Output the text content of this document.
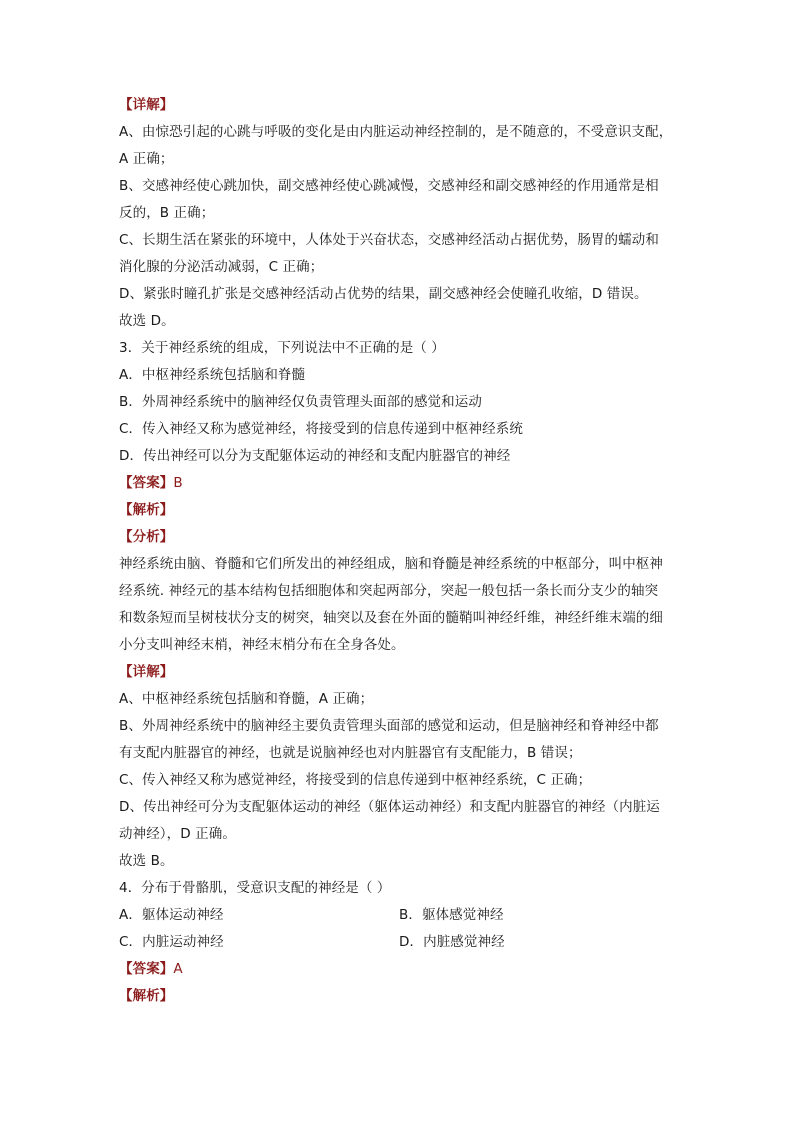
【详解】
A、由惊恐引起的心跳与呼吸的变化是由内脏运动神经控制的，是不随意的，不受意识支配，
A 正确；
B、交感神经使心跳加快，副交感神经使心跳减慢，交感神经和副交感神经的作用通常是相
反的，B 正确；
C、长期生活在紧张的环境中，人体处于兴奋状态，交感神经活动占据优势，肠胃的蠕动和
消化腺的分泌活动减弱，C 正确；
D、紧张时瞳孔扩张是交感神经活动占优势的结果，副交感神经会使瞳孔收缩，D 错误。
故选 D。
3．关于神经系统的组成，下列说法中不正确的是（ ）
A．中枢神经系统包括脑和脊髓
B．外周神经系统中的脑神经仅负责管理头面部的感觉和运动
C．传入神经又称为感觉神经，将接受到的信息传递到中枢神经系统
D．传出神经可以分为支配躯体运动的神经和支配内脏器官的神经
【答案】B
【解析】
【分析】
神经系统由脑、脊髓和它们所发出的神经组成，脑和脊髓是神经系统的中枢部分，叫中枢神
经系统. 神经元的基本结构包括细胞体和突起两部分，突起一般包括一条长而分支少的轴突
和数条短而呈树枝状分支的树突，轴突以及套在外面的髓鞘叫神经纤维，神经纤维末端的细
小分支叫神经末梢，神经末梢分布在全身各处。
【详解】
A、中枢神经系统包括脑和脊髓，A 正确；
B、外周神经系统中的脑神经主要负责管理头面部的感觉和运动，但是脑神经和脊神经中都
有支配内脏器官的神经，也就是说脑神经也对内脏器官有支配能力，B 错误；
C、传入神经又称为感觉神经，将接受到的信息传递到中枢神经系统，C 正确；
D、传出神经可分为支配躯体运动的神经（躯体运动神经）和支配内脏器官的神经（内脏运
动神经），D 正确。
故选 B。
4．分布于骨骼肌，受意识支配的神经是（ ）
A．躯体运动神经	B．躯体感觉神经
C．内脏运动神经	D．内脏感觉神经
【答案】A
【解析】
